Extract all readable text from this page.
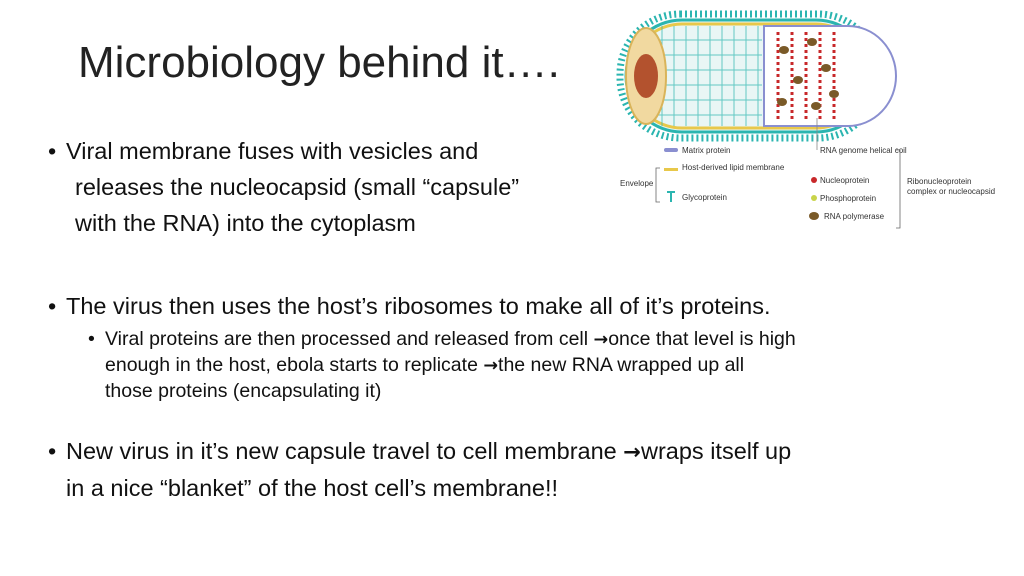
Microbiology behind it….
• Viral membrane fuses with vesicles and
releases the nucleocapsid (small “capsule”
with the RNA) into the cytoplasm
• The virus then uses the host’s ribosomes to make all of it’s proteins.
• Viral proteins are then processed and released from cell →once that level is high
enough in the host, ebola starts to replicate →the new RNA wrapped up all
those proteins (encapsulating it)
• New virus in it’s new capsule travel to cell membrane →wraps itself up
in a nice “blanket” of the host cell’s membrane!!
Matrix protein
Host-derived lipid membrane
Glycoprotein
Envelope
RNA genome helical coil
Nucleoprotein
Phosphoprotein
RNA polymerase
Ribonucleoprotein complex or nucleocapsid
